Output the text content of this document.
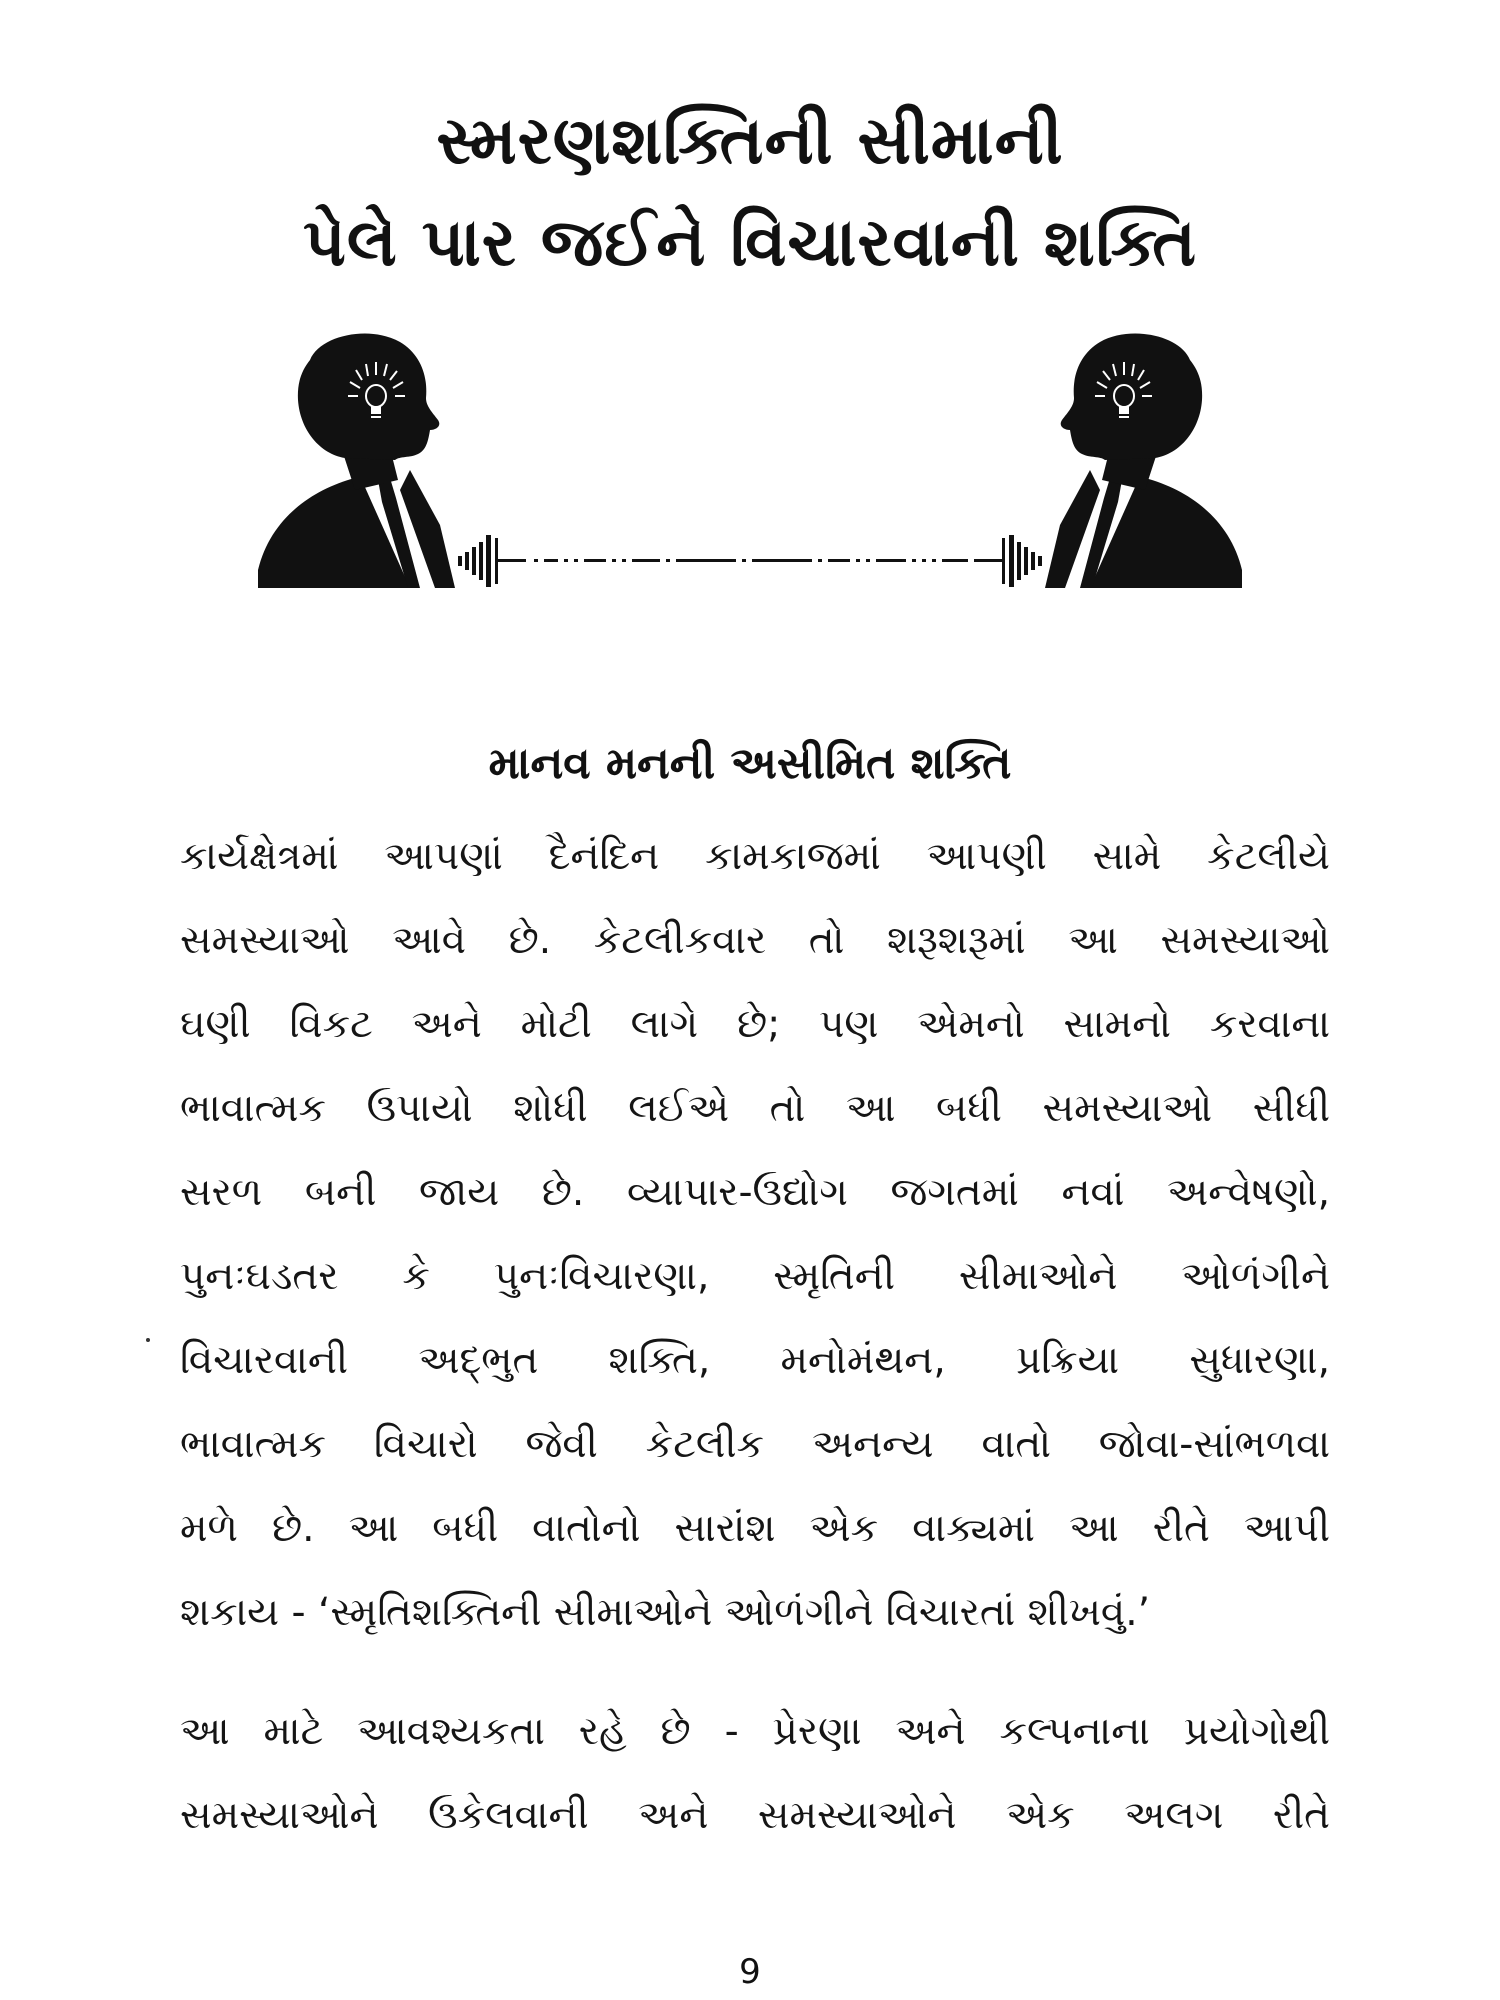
સ્મરણશક્તિની સીમાની
પેલે પાર જઈને વિચારવાની શક્તિ
માનવ મનની અસીમિત શક્તિ
કાર્યક્ષેત્રમાં આપણાં દૈનંદિન કામકાજમાં આપણી સામે કેટલીયે
સમસ્યાઓ આવે છે. કેટલીકવાર તો શરૂશરૂમાં આ સમસ્યાઓ
ઘણી વિકટ અને મોટી લાગે છે; પણ એમનો સામનો કરવાના
ભાવાત્મક ઉપાયો શોધી લઈએ તો આ બધી સમસ્યાઓ સીધી
સરળ બની જાય છે. વ્યાપાર-ઉદ્યોગ જગતમાં નવાં અન્વેષણો,
પુનઃઘડતર કે પુનઃવિચારણા, સ્મૃતિની સીમાઓને ઓળંગીને
વિચારવાની અદ્ભુત શક્તિ, મનોમંથન, પ્રક્રિયા સુધારણા,
ભાવાત્મક વિચારો જેવી કેટલીક અનન્ય વાતો જોવા-સાંભળવા
મળે છે. આ બધી વાતોનો સારાંશ એક વાક્યમાં આ રીતે આપી
શકાય - ‘સ્મૃતિશક્તિની સીમાઓને ઓળંગીને વિચારતાં શીખવું.’
આ માટે આવશ્યકતા રહે છે - પ્રેરણા અને કલ્પનાના પ્રયોગોથી
સમસ્યાઓને ઉકેલવાની અને સમસ્યાઓને એક અલગ રીતે
9
